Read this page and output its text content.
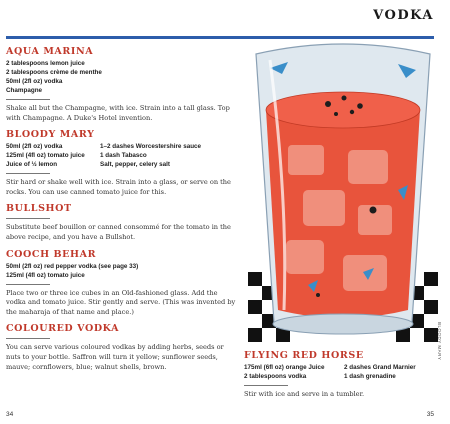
VODKA
AQUA MARINA
2 tablespoons lemon juice
2 tablespoons crème de menthe
50ml (2fl oz) vodka
Champagne
Shake all but the Champagne, with ice. Strain into a tall glass. Top with Champagne. A Duke's Hotel invention.
BLOODY MARY
50ml (2fl oz) vodka	1–2 dashes Worcestershire sauce
125ml (4fl oz) tomato juice	1 dash Tabasco
Juice of ½ lemon	Salt, pepper, celery salt
Stir hard or shake well with ice. Strain into a glass, or serve on the rocks. You can use canned tomato juice for this.
BULLSHOT
Substitute beef bouillon or canned consommé for the tomato in the above recipe, and you have a Bullshot.
COOCH BEHAR
50ml (2fl oz) red pepper vodka (see page 33)
125ml (4fl oz) tomato juice
Place two or three ice cubes in an Old-fashioned glass. Add the vodka and tomato juice. Stir gently and serve. (This was invented by the maharaja of that name and place.)
COLOURED VODKA
You can serve various coloured vodkas by adding herbs, seeds or nuts to your bottle. Saffron will turn it yellow; sunflower seeds, mauve; cornflowers, blue; walnut shells, brown.
BLOODY MARY
FLYING RED HORSE
175ml (6fl oz) orange Juice	2 dashes Grand Marnier
2 tablespoons vodka	1 dash grenadine
Stir with ice and serve in a tumbler.
34	35
